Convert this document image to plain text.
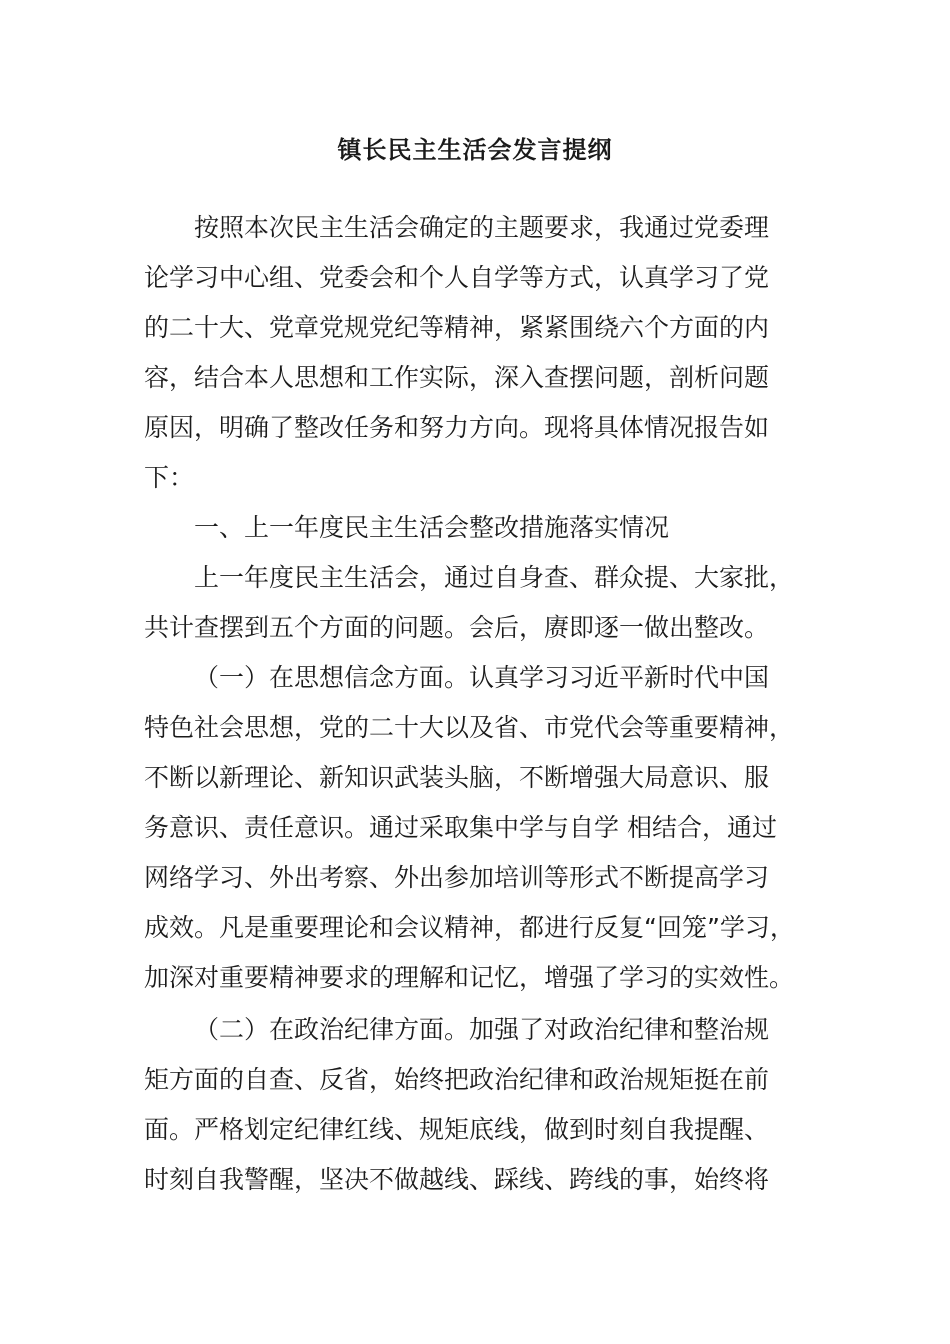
镇长民主生活会发言提纲
按照本次民主生活会确定的主题要求，我通过党委理
论学习中心组、党委会和个人自学等方式，认真学习了党
的二十大、党章党规党纪等精神，紧紧围绕六个方面的内
容，结合本人思想和工作实际，深入查摆问题，剖析问题
原因，明确了整改任务和努力方向。现将具体情况报告如
下：
一、上一年度民主生活会整改措施落实情况
上一年度民主生活会，通过自身查、群众提、大家批，
共计查摆到五个方面的问题。会后，赓即逐一做出整改。
（一）在思想信念方面。认真学习习近平新时代中国
特色社会思想，党的二十大以及省、市党代会等重要精神，
不断以新理论、新知识武装头脑，不断增强大局意识、服
务意识、责任意识。通过采取集中学与自学 相结合，通过
网络学习、外出考察、外出参加培训等形式不断提高学习
成效。凡是重要理论和会议精神，都进行反复“回笼”学习，
加深对重要精神要求的理解和记忆，增强了学习的实效性。
（二）在政治纪律方面。加强了对政治纪律和整治规
矩方面的自查、反省，始终把政治纪律和政治规矩挺在前
面。严格划定纪律红线、规矩底线，做到时刻自我提醒、
时刻自我警醒，坚决不做越线、踩线、跨线的事，始终将
